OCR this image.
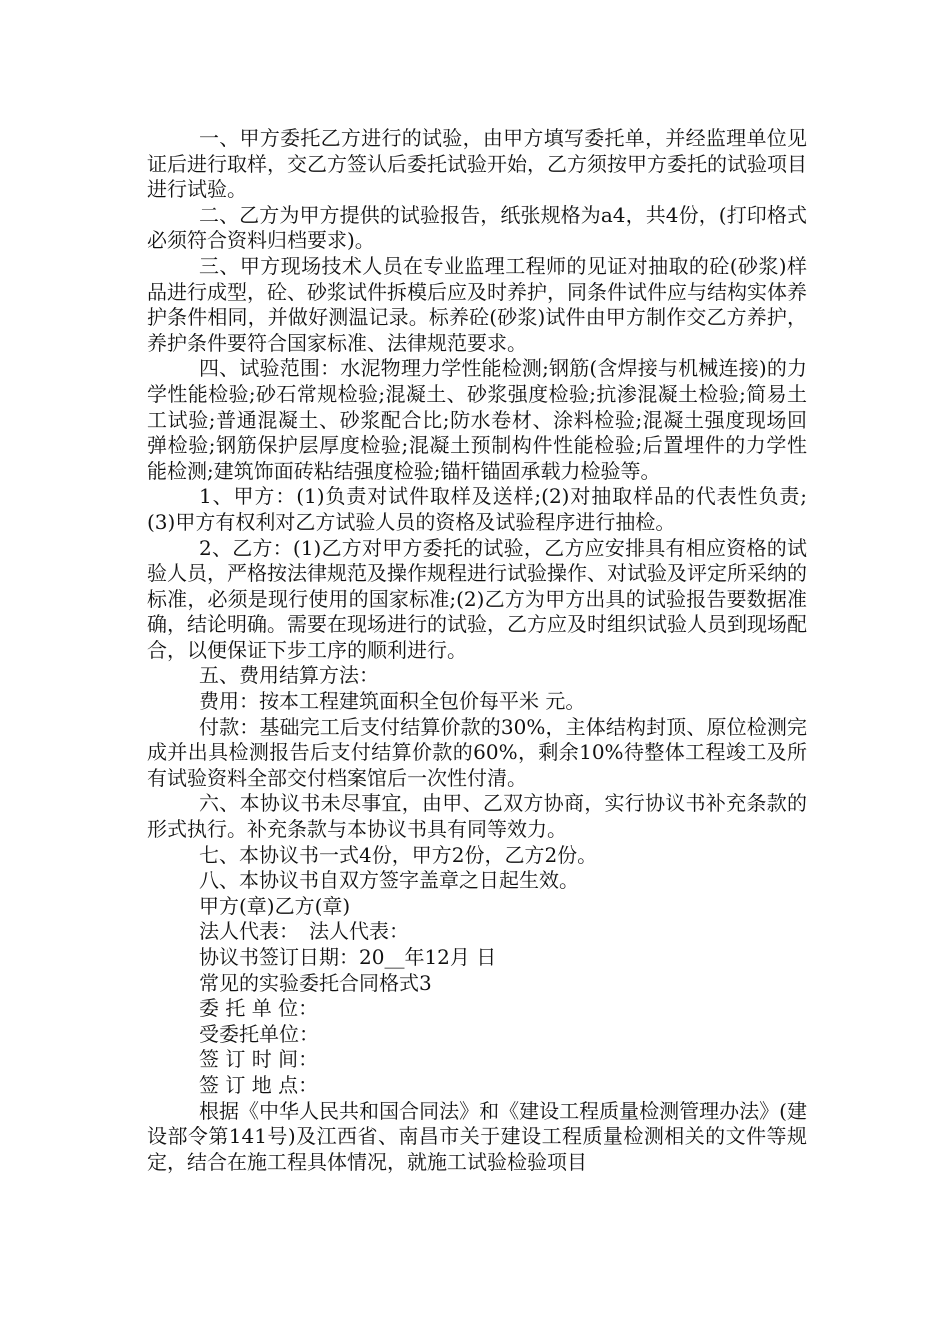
一、甲方委托乙方进行的试验，由甲方填写委托单，并经监理单位见证后进行取样，交乙方签认后委托试验开始，乙方须按甲方委托的试验项目进行试验。

二、乙方为甲方提供的试验报告，纸张规格为a4，共4份，(打印格式必须符合资料归档要求)。

三、甲方现场技术人员在专业监理工程师的见证对抽取的砼(砂浆)样品进行成型，砼、砂浆试件拆模后应及时养护，同条件试件应与结构实体养护条件相同，并做好测温记录。标养砼(砂浆)试件由甲方制作交乙方养护，养护条件要符合国家标准、法律规范要求。

四、试验范围：水泥物理力学性能检测;钢筋(含焊接与机械连接)的力学性能检验;砂石常规检验;混凝土、砂浆强度检验;抗渗混凝土检验;简易土工试验;普通混凝土、砂浆配合比;防水卷材、涂料检验;混凝土强度现场回弹检验;钢筋保护层厚度检验;混凝土预制构件性能检验;后置埋件的力学性能检测;建筑饰面砖粘结强度检验;锚杆锚固承载力检验等。

1、甲方：(1)负责对试件取样及送样;(2)对抽取样品的代表性负责;(3)甲方有权利对乙方试验人员的资格及试验程序进行抽检。

2、乙方：(1)乙方对甲方委托的试验，乙方应安排具有相应资格的试验人员，严格按法律规范及操作规程进行试验操作、对试验及评定所采纳的标准，必须是现行使用的国家标准;(2)乙方为甲方出具的试验报告要数据准确，结论明确。需要在现场进行的试验，乙方应及时组织试验人员到现场配合，以便保证下步工序的顺利进行。

五、费用结算方法：

费用：按本工程建筑面积全包价每平米 元。

付款：基础完工后支付结算价款的30%，主体结构封顶、原位检测完成并出具检测报告后支付结算价款的60%，剩余10%待整体工程竣工及所有试验资料全部交付档案馆后一次性付清。

六、本协议书未尽事宜，由甲、乙双方协商，实行协议书补充条款的形式执行。补充条款与本协议书具有同等效力。

七、本协议书一式4份，甲方2份，乙方2份。

八、本协议书自双方签字盖章之日起生效。

甲方(章)乙方(章)

法人代表：　法人代表：

协议书签订日期：20__年12月 日

常见的实验委托合同格式3

委 托 单 位：

受委托单位：

签 订 时 间：

签 订 地 点：

根据《中华人民共和国合同法》和《建设工程质量检测管理办法》(建设部令第141号)及江西省、南昌市关于建设工程质量检测相关的文件等规定，结合在施工程具体情况，就施工试验检验项目
